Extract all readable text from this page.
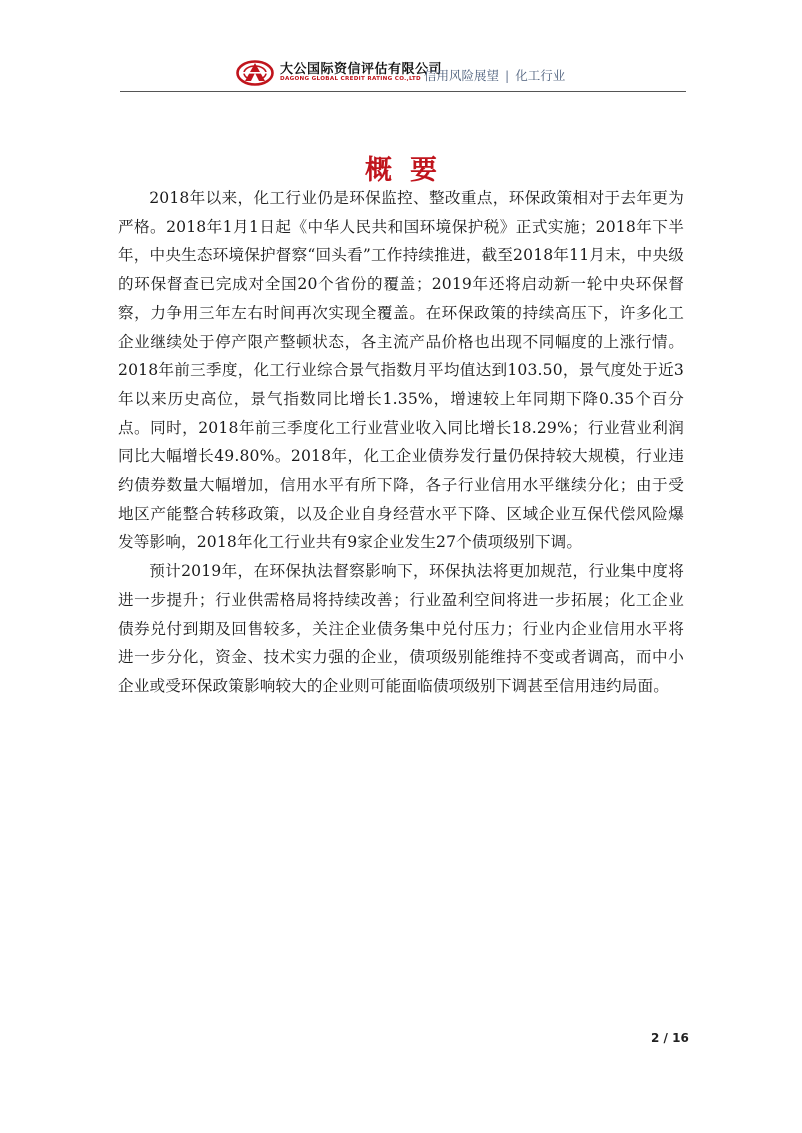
大公国际资信评估有限公司
DAGONG GLOBAL CREDIT RATING CO.,LTD 信用风险展望 | 化工行业
概要

2018年以来，化工行业仍是环保监控、整改重点，环保政策相对于去年更为严格。2018年1月1日起《中华人民共和国环境保护税》正式实施；2018年下半年，中央生态环境保护督察“回头看”工作持续推进，截至2018年11月末，中央级的环保督查已完成对全国20个省份的覆盖；2019年还将启动新一轮中央环保督察，力争用三年左右时间再次实现全覆盖。在环保政策的持续高压下，许多化工企业继续处于停产限产整顿状态，各主流产品价格也出现不同幅度的上涨行情。2018年前三季度，化工行业综合景气指数月平均值达到103.50，景气度处于近3年以来历史高位，景气指数同比增长1.35%，增速较上年同期下降0.35个百分点。同时，2018年前三季度化工行业营业收入同比增长18.29%；行业营业利润同比大幅增长49.80%。2018年，化工企业债券发行量仍保持较大规模，行业违约债券数量大幅增加，信用水平有所下降，各子行业信用水平继续分化；由于受地区产能整合转移政策，以及企业自身经营水平下降、区域企业互保代偿风险爆发等影响，2018年化工行业共有9家企业发生27个债项级别下调。

预计2019年，在环保执法督察影响下，环保执法将更加规范，行业集中度将进一步提升；行业供需格局将持续改善；行业盈利空间将进一步拓展；化工企业债券兑付到期及回售较多，关注企业债务集中兑付压力；行业内企业信用水平将进一步分化，资金、技术实力强的企业，债项级别能维持不变或者调高，而中小企业或受环保政策影响较大的企业则可能面临债项级别下调甚至信用违约局面。

2 / 16
